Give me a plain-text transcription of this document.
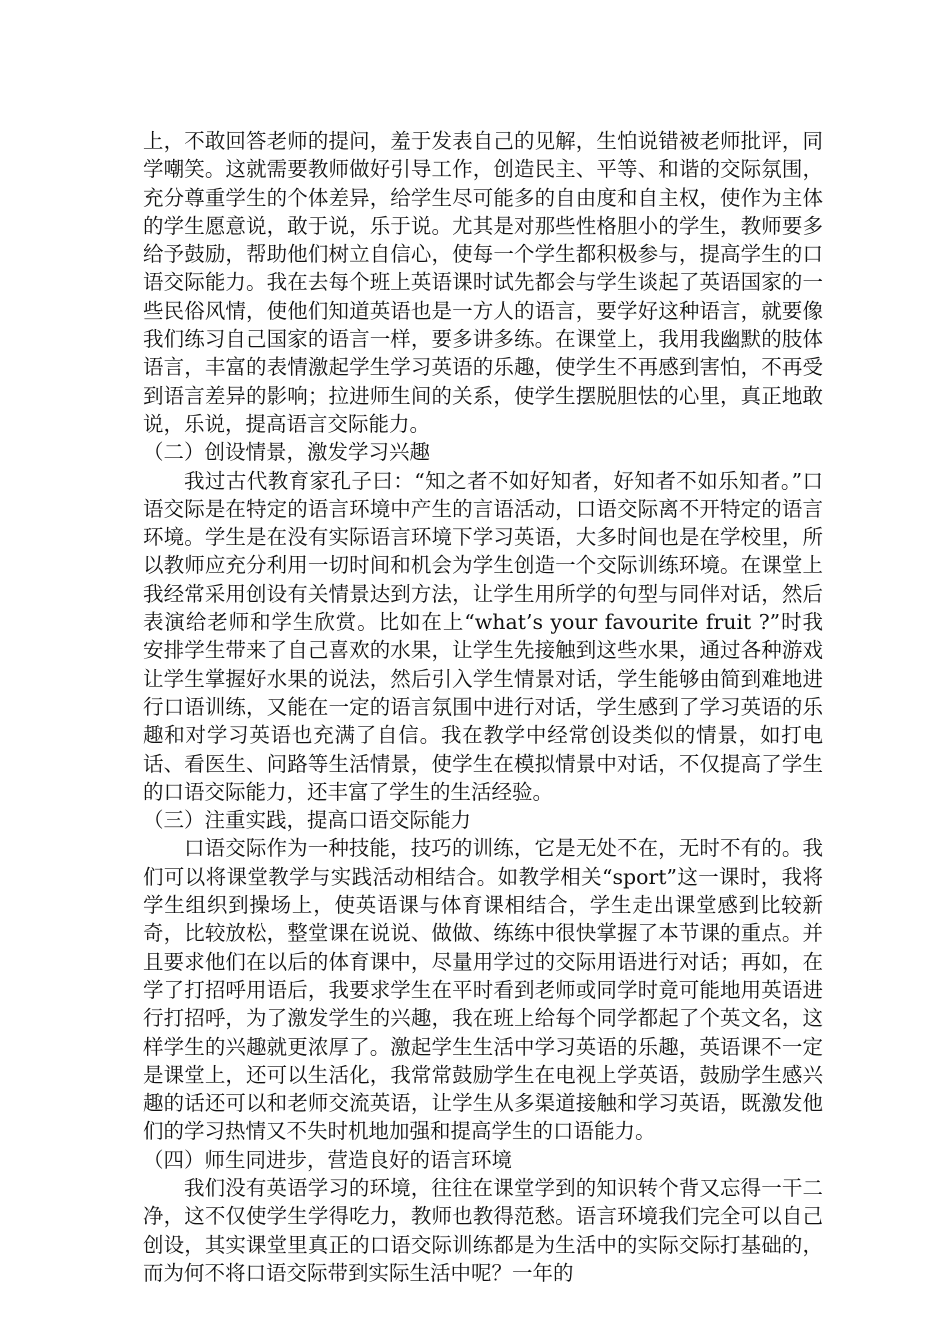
上，不敢回答老师的提问，羞于发表自己的见解，生怕说错被老师批评，同学嘲笑。这就需要教师做好引导工作，创造民主、平等、和谐的交际氛围，充分尊重学生的个体差异，给学生尽可能多的自由度和自主权，使作为主体的学生愿意说，敢于说，乐于说。尤其是对那些性格胆小的学生，教师要多给予鼓励，帮助他们树立自信心，使每一个学生都积极参与，提高学生的口语交际能力。我在去每个班上英语课时试先都会与学生谈起了英语国家的一些民俗风情，使他们知道英语也是一方人的语言，要学好这种语言，就要像我们练习自己国家的语言一样，要多讲多练。在课堂上，我用我幽默的肢体语言，丰富的表情激起学生学习英语的乐趣，使学生不再感到害怕，不再受到语言差异的影响；拉进师生间的关系，使学生摆脱胆怯的心里，真正地敢说，乐说，提高语言交际能力。

（二）创设情景，激发学习兴趣

我过古代教育家孔子曰：“知之者不如好知者，好知者不如乐知者。”口语交际是在特定的语言环境中产生的言语活动，口语交际离不开特定的语言环境。学生是在没有实际语言环境下学习英语，大多时间也是在学校里，所以教师应充分利用一切时间和机会为学生创造一个交际训练环境。在课堂上我经常采用创设有关情景达到方法，让学生用所学的句型与同伴对话，然后表演给老师和学生欣赏。比如在上“what’s your favourite fruit ?”时我安排学生带来了自己喜欢的水果，让学生先接触到这些水果，通过各种游戏让学生掌握好水果的说法，然后引入学生情景对话，学生能够由简到难地进行口语训练，又能在一定的语言氛围中进行对话，学生感到了学习英语的乐趣和对学习英语也充满了自信。我在教学中经常创设类似的情景，如打电话、看医生、问路等生活情景，使学生在模拟情景中对话，不仅提高了学生的口语交际能力，还丰富了学生的生活经验。

（三）注重实践，提高口语交际能力

口语交际作为一种技能，技巧的训练，它是无处不在，无时不有的。我们可以将课堂教学与实践活动相结合。如教学相关“sport”这一课时，我将学生组织到操场上，使英语课与体育课相结合，学生走出课堂感到比较新奇，比较放松，整堂课在说说、做做、练练中很快掌握了本节课的重点。并且要求他们在以后的体育课中，尽量用学过的交际用语进行对话；再如，在学了打招呼用语后，我要求学生在平时看到老师或同学时竟可能地用英语进行打招呼，为了激发学生的兴趣，我在班上给每个同学都起了个英文名，这样学生的兴趣就更浓厚了。激起学生生活中学习英语的乐趣，英语课不一定是课堂上，还可以生活化，我常常鼓励学生在电视上学英语，鼓励学生感兴趣的话还可以和老师交流英语，让学生从多渠道接触和学习英语，既激发他们的学习热情又不失时机地加强和提高学生的口语能力。

（四）师生同进步，营造良好的语言环境

我们没有英语学习的环境，往往在课堂学到的知识转个背又忘得一干二净，这不仅使学生学得吃力，教师也教得范愁。语言环境我们完全可以自己创设，其实课堂里真正的口语交际训练都是为生活中的实际交际打基础的，而为何不将口语交际带到实际生活中呢？一年的
